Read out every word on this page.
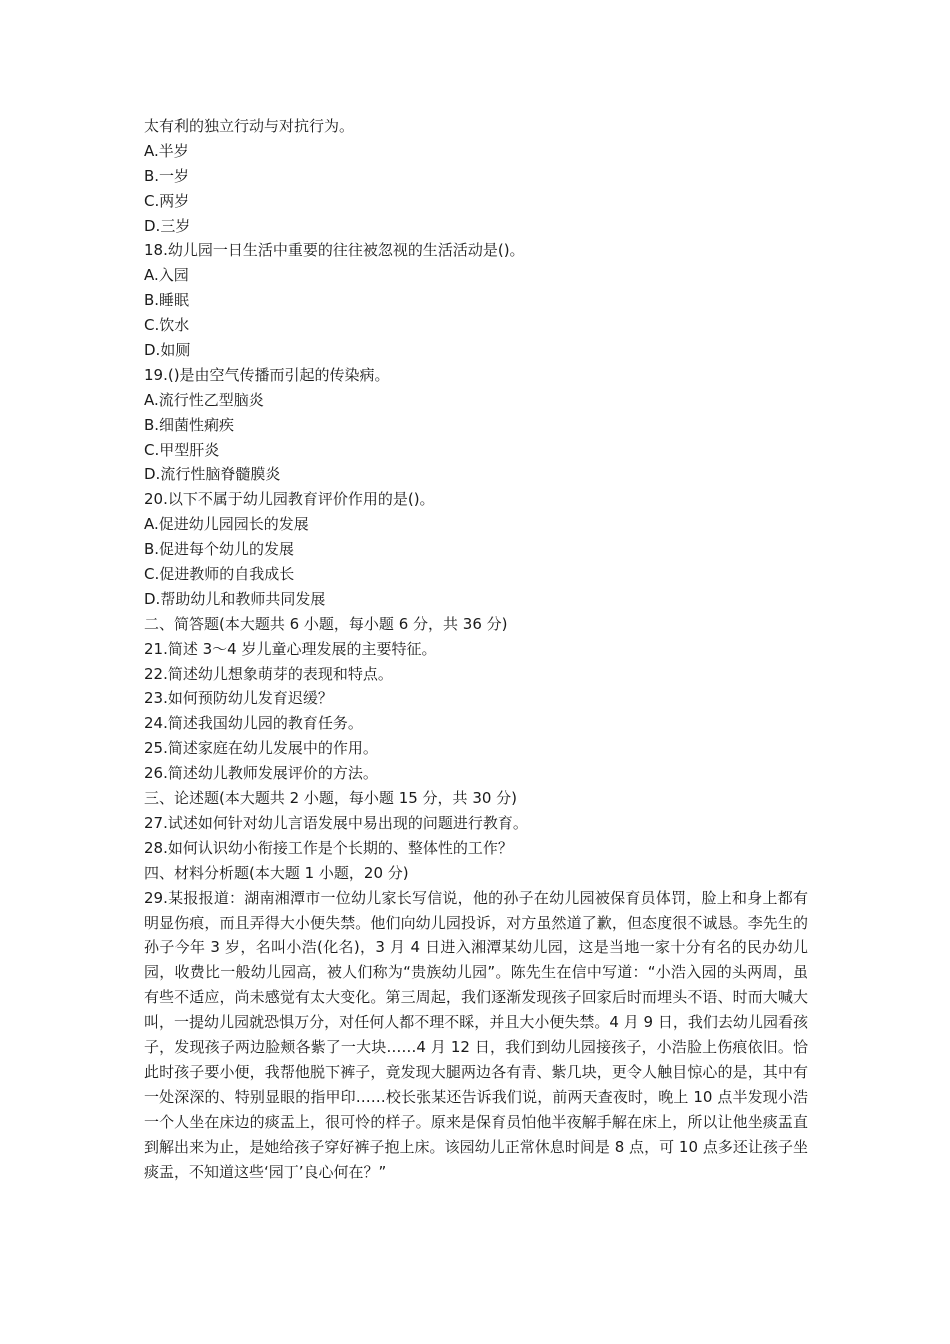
太有利的独立行动与对抗行为。
A.半岁
B.一岁
C.两岁
D.三岁
18.幼儿园一日生活中重要的往往被忽视的生活活动是()。
A.入园
B.睡眠
C.饮水
D.如厕
19.()是由空气传播而引起的传染病。
A.流行性乙型脑炎
B.细菌性痢疾
C.甲型肝炎
D.流行性脑脊髓膜炎
20.以下不属于幼儿园教育评价作用的是()。
A.促进幼儿园园长的发展
B.促进每个幼儿的发展
C.促进教师的自我成长
D.帮助幼儿和教师共同发展
二、简答题(本大题共 6 小题，每小题 6 分，共 36 分)
21.简述 3～4 岁儿童心理发展的主要特征。
22.简述幼儿想象萌芽的表现和特点。
23.如何预防幼儿发育迟缓？
24.简述我国幼儿园的教育任务。
25.简述家庭在幼儿发展中的作用。
26.简述幼儿教师发展评价的方法。
三、论述题(本大题共 2 小题，每小题 15 分，共 30 分)
27.试述如何针对幼儿言语发展中易出现的问题进行教育。
28.如何认识幼小衔接工作是个长期的、整体性的工作？
四、材料分析题(本大题 1 小题，20 分)
29.某报报道：湖南湘潭市一位幼儿家长写信说，他的孙子在幼儿园被保育员体罚，脸上和身上都有明显伤痕，而且弄得大小便失禁。他们向幼儿园投诉，对方虽然道了歉，但态度很不诚恳。李先生的孙子今年 3 岁，名叫小浩(化名)，3 月 4 日进入湘潭某幼儿园，这是当地一家十分有名的民办幼儿园，收费比一般幼儿园高，被人们称为“贵族幼儿园”。陈先生在信中写道：“小浩入园的头两周，虽有些不适应，尚未感觉有太大变化。第三周起，我们逐渐发现孩子回家后时而埋头不语、时而大喊大叫，一提幼儿园就恐惧万分，对任何人都不理不睬，并且大小便失禁。4 月 9 日，我们去幼儿园看孩子，发现孩子两边脸颊各紫了一大块……4 月 12 日，我们到幼儿园接孩子，小浩脸上伤痕依旧。恰此时孩子要小便，我帮他脱下裤子，竟发现大腿两边各有青、紫几块，更令人触目惊心的是，其中有一处深深的、特别显眼的指甲印……校长张某还告诉我们说，前两天查夜时，晚上 10 点半发现小浩一个人坐在床边的痰盂上，很可怜的样子。原来是保育员怕他半夜解手解在床上，所以让他坐痰盂直到解出来为止，是她给孩子穿好裤子抱上床。该园幼儿正常休息时间是 8 点，可 10 点多还让孩子坐痰盂，不知道这些‘园丁’良心何在？”
